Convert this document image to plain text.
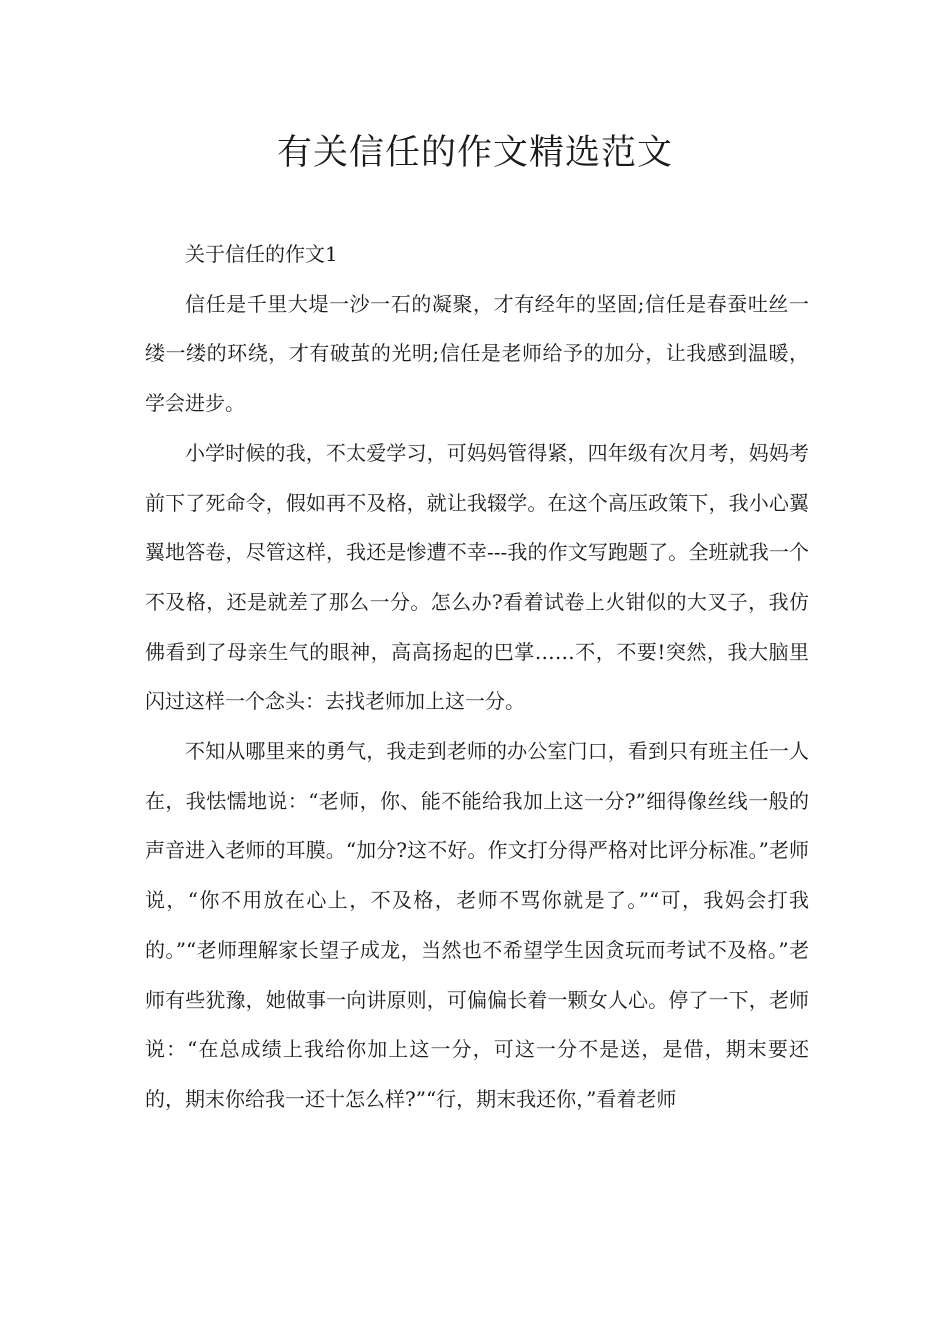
有关信任的作文精选范文

关于信任的作文1

信任是千里大堤一沙一石的凝聚，才有经年的坚固;信任是春蚕吐丝一缕一缕的环绕，才有破茧的光明;信任是老师给予的加分，让我感到温暖，学会进步。

小学时候的我，不太爱学习，可妈妈管得紧，四年级有次月考，妈妈考前下了死命令，假如再不及格，就让我辍学。在这个高压政策下，我小心翼翼地答卷，尽管这样，我还是惨遭不幸---我的作文写跑题了。全班就我一个不及格，还是就差了那么一分。怎么办?看着试卷上火钳似的大叉子，我仿佛看到了母亲生气的眼神，高高扬起的巴掌……不，不要!突然，我大脑里闪过这样一个念头：去找老师加上这一分。

不知从哪里来的勇气，我走到老师的办公室门口，看到只有班主任一人在，我怯懦地说：“老师，你、能不能给我加上这一分?”细得像丝线一般的声音进入老师的耳膜。“加分?这不好。作文打分得严格对比评分标准。”老师说，“你不用放在心上，不及格，老师不骂你就是了。”“可，我妈会打我的。”“老师理解家长望子成龙，当然也不希望学生因贪玩而考试不及格。”老师有些犹豫，她做事一向讲原则，可偏偏长着一颗女人心。停了一下，老师说：“在总成绩上我给你加上这一分，可这一分不是送，是借，期末要还的，期末你给我一还十怎么样?”“行，期末我还你，”看着老师
